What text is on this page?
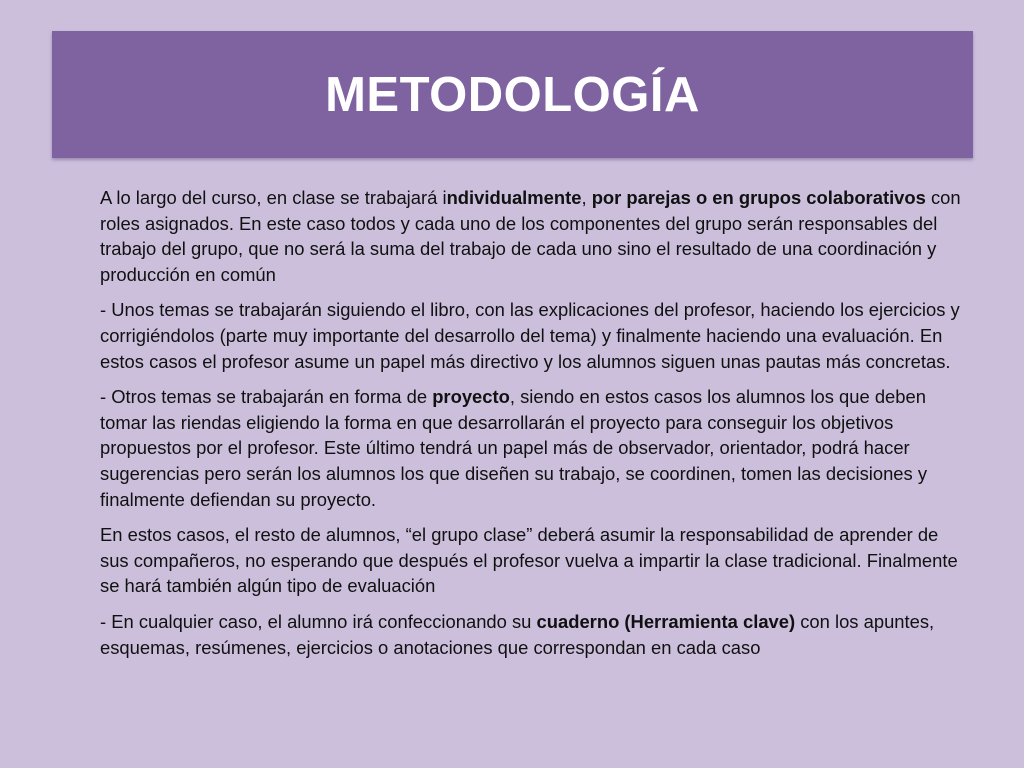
METODOLOGÍA

A lo largo del curso, en clase se trabajará individualmente, por parejas o en grupos colaborativos con roles asignados. En este caso todos y cada uno de los componentes del grupo serán responsables del trabajo del grupo, que no será la suma del trabajo de cada uno sino el resultado de una coordinación y producción en común

- Unos temas se trabajarán siguiendo el libro, con las explicaciones del profesor, haciendo los ejercicios y corrigiéndolos (parte muy importante del desarrollo del tema) y finalmente haciendo una evaluación. En estos casos el profesor asume un papel más directivo y los alumnos siguen unas pautas más concretas.

- Otros temas se trabajarán en forma de proyecto, siendo en estos casos los alumnos los que deben tomar las riendas eligiendo la forma en que desarrollarán el proyecto para conseguir los objetivos propuestos por el profesor. Este último tendrá un papel más de observador, orientador, podrá hacer sugerencias pero serán los alumnos los que diseñen su trabajo, se coordinen, tomen las decisiones y finalmente defiendan su proyecto.

En estos casos, el resto de alumnos, “el grupo clase” deberá asumir la responsabilidad de aprender de sus compañeros, no esperando que después el profesor vuelva a impartir la clase tradicional. Finalmente se hará también algún tipo de evaluación

- En cualquier caso, el alumno irá confeccionando su cuaderno (Herramienta clave) con los apuntes, esquemas, resúmenes, ejercicios o anotaciones que correspondan en cada caso
